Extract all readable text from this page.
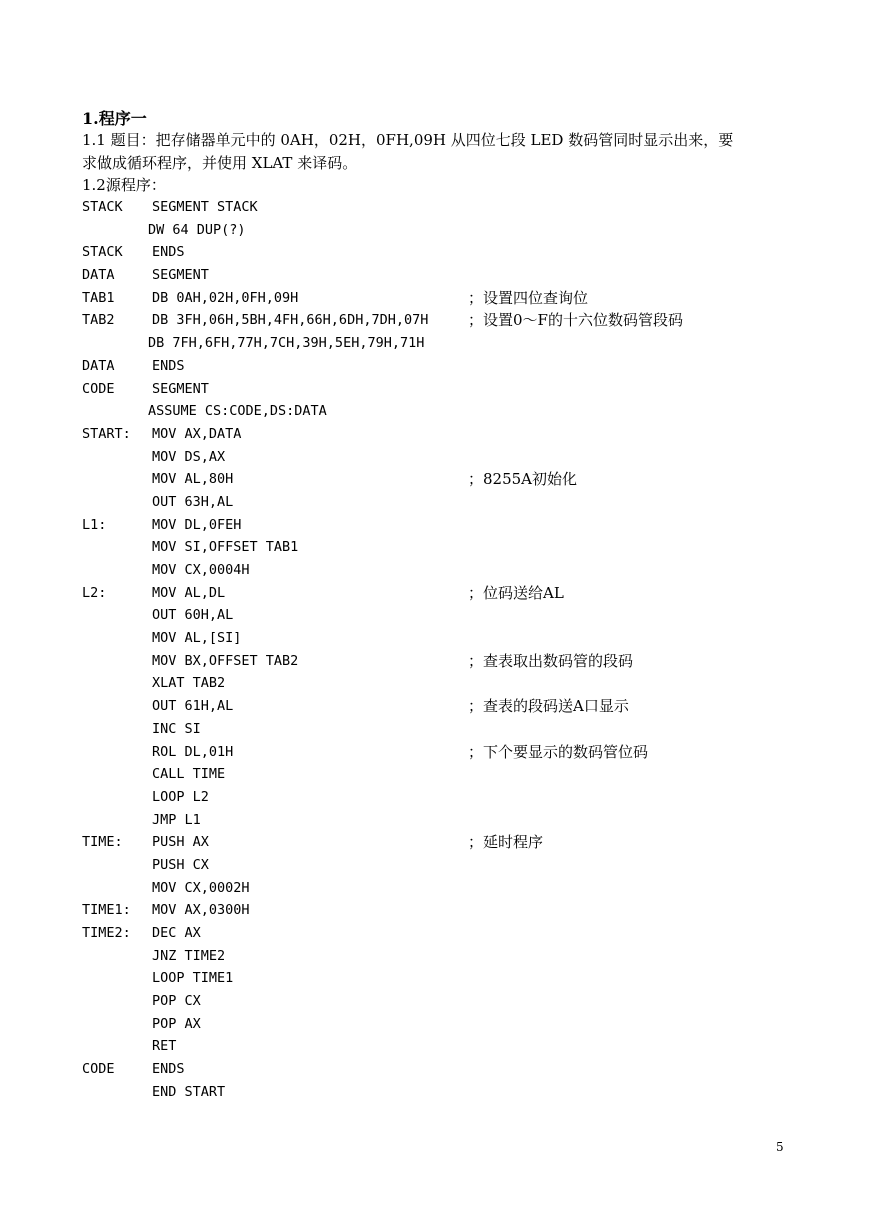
1.程序一
1.1 题目：把存储器单元中的 0AH，02H，0FH,09H 从四位七段 LED 数码管同时显示出来，要
求做成循环程序，并使用 XLAT 来译码。
1.2源程序：
STACK SEGMENT STACK
DW 64 DUP(?)
STACK ENDS
DATA	SEGMENT
TAB1	DB 0AH,02H,0FH,09H	；设置四位查询位
TAB2	DB 3FH,06H,5BH,4FH,66H,6DH,7DH,07H	；设置0～F的十六位数码管段码
DB 7FH,6FH,77H,7CH,39H,5EH,79H,71H
DATA	ENDS
CODE	SEGMENT
ASSUME CS:CODE,DS:DATA
START: MOV AX,DATA
MOV DS,AX
MOV AL,80H	；8255A初始化
OUT 63H,AL
L1:	MOV DL,0FEH
MOV SI,OFFSET TAB1
MOV CX,0004H
L2:	MOV AL,DL	；位码送给AL
OUT 60H,AL
MOV AL,[SI]
MOV BX,OFFSET TAB2	；查表取出数码管的段码
XLAT TAB2
OUT 61H,AL	；查表的段码送A口显示
INC SI
ROL DL,01H	；下个要显示的数码管位码
CALL TIME
LOOP L2
JMP L1
TIME: PUSH AX	；延时程序
PUSH CX
MOV CX,0002H
TIME1: MOV AX,0300H
TIME2: DEC AX
JNZ TIME2
LOOP TIME1
POP CX
POP AX
RET
CODE	ENDS
END START
5
